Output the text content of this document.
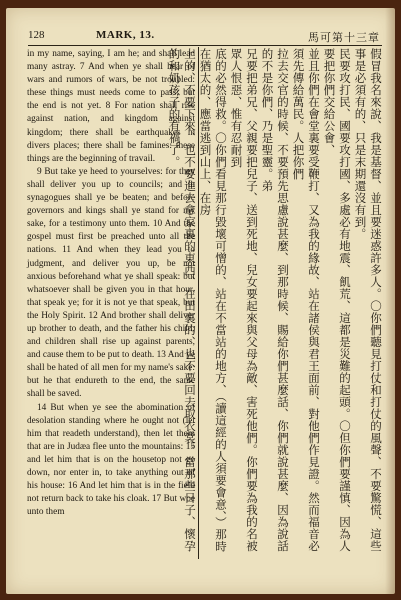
128	MARK, 13.	馬可第十三章

in my name, saying, I am he; and shall lead many astray. 7 And when ye shall hear of wars and rumors of wars, be not troubled: these things must needs come to pass; but the end is not yet. 8 For nation shall rise against nation, and kingdom against kingdom; there shall be earthquakes in divers places; there shall be famines: these things are the beginning of travail.

9 But take ye heed to yourselves: for they shall deliver you up to councils; and in synagogues shall ye be beaten; and before governors and kings shall ye stand for my sake, for a testimony unto them. 10 And the gospel must first be preached unto all the nations. 11 And when they lead you to judgment, and deliver you up, be not anxious beforehand what ye shall speak: but whatsoever shall be given you in that hour, that speak ye; for it is not ye that speak, but the Holy Spirit. 12 And brother shall deliver up brother to death, and the father his child; and children shall rise up against parents, and cause them to be put to death. 13 And ye shall be hated of all men for my name's sake: but he that endureth to the end, the same shall be saved.

14 But when ye see the abomination of desolation standing where he ought not (let him that readeth understand), then let them that are in Judæa flee unto the mountains: 15 and let him that is on the housetop not go down, nor enter in, to take anything out of his house: 16 And let him that is in the field not return back to take his cloak. 17 But woe unto them	假冒我名來說、我是基督、並且要迷惑許多人。〇你們聽見打仗和打仗的風聲、不要驚慌、這些事是必須有的、只是末期還沒有到。
民要攻打民、國要攻打國、多處必有地震、飢荒、這都是災難的起頭。〇但你們要謹慎、因為人要把你們交給公會、
並且你們在會堂裏要受鞭打、又為我的緣故、站在諸侯與君王面前、對他們作見證。然而福音必須先傳給萬民。人把你們
拉去交官的時候、不要預先思慮說甚麼、到那時候、賜給你們甚麼話、你們就說甚麼、因為說話的不是你們、乃是聖靈。弟
兄要把弟兄、父親要把兒子、送到死地、兒女要起來與父母為敵、害死他們。你們要為我的名被眾人恨惡、惟有忍耐到
底的必然得救。〇你們看見那行毀壞可憎的、站在不當站的地方、（讀這經的人須要會意、）那時在猶太的、應當逃到山上、在房
上的、不要下來、也不要進去拿家裏的東西、在田裏的、也不要回去取衣裳。當那些日子、懷孕的和奶孩子的有禍了。
